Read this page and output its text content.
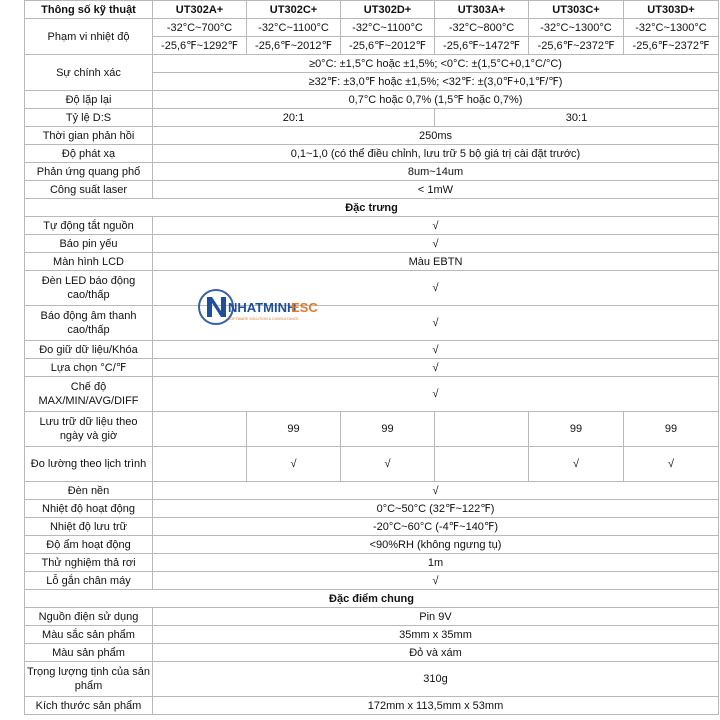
Thông số kỹ thuật	UT302A+	UT302C+	UT302D+	UT303A+	UT303C+	UT303D+
Phạm vi nhiệt độ	-32°C~700°C	-32°C~1100°C	-32°C~1100°C	-32°C~800°C	-32°C~1300°C	-32°C~1300°C
	-25,6℉~1292℉	-25,6℉~2012℉	-25,6℉~2012℉	-25,6℉~1472℉	-25,6℉~2372℉	-25,6℉~2372℉
Sự chính xác	≥0°C: ±1,5°C hoặc ±1,5%; <0°C: ±(1,5°C+0,1°C/°C)					
	≥32℉: ±3,0℉ hoặc ±1,5%; <32℉: ±(3,0℉+0,1℉/℉)					
Độ lặp lại	0,7°C hoặc 0,7% (1,5℉ hoặc 0,7%)					
Tỷ lệ D:S	20:1			30:1		
Thời gian phản hồi	250ms					
Độ phát xạ	0,1~1,0 (có thể điều chỉnh, lưu trữ 5 bộ giá trị cài đặt trước)					
Phản ứng quang phổ	8um~14um					
Công suất laser	< 1mW					
Đặc trưng						
Tự động tắt nguồn	√					
Báo pin yếu	√					
Màn hình LCD	Màu EBTN					
Đèn LED báo động cao/thấp	√					
Báo động âm thanh cao/thấp	√					
Đo giữ dữ liệu/Khóa	√					
Lựa chọn °C/℉	√					
Chế độ MAX/MIN/AVG/DIFF	√					
Lưu trữ dữ liệu theo ngày và giờ		99	99		99	99
Đo lường theo lịch trình		√	√		√	√
Đèn nền	√					
Nhiệt độ hoạt động	0°C~50°C (32℉~122℉)					
Nhiệt độ lưu trữ	-20°C~60°C (-4℉~140℉)					
Độ ẩm hoạt động	<90%RH (không ngưng tụ)					
Thử nghiệm thả rơi	1m					
Lỗ gắn chân máy	√					
Đặc điểm chung						
Nguồn điện sử dụng	Pin 9V					
Màu sắc sản phẩm	35mm x 35mm					
Màu sản phẩm	Đỏ và xám					
Trọng lượng tịnh của sản phẩm	310g					
Kích thước sản phẩm	172mm x 113,5mm x 53mm					
NHATMINH
ESC
SOFTWARE SOLUTION & CONSULTANCE
